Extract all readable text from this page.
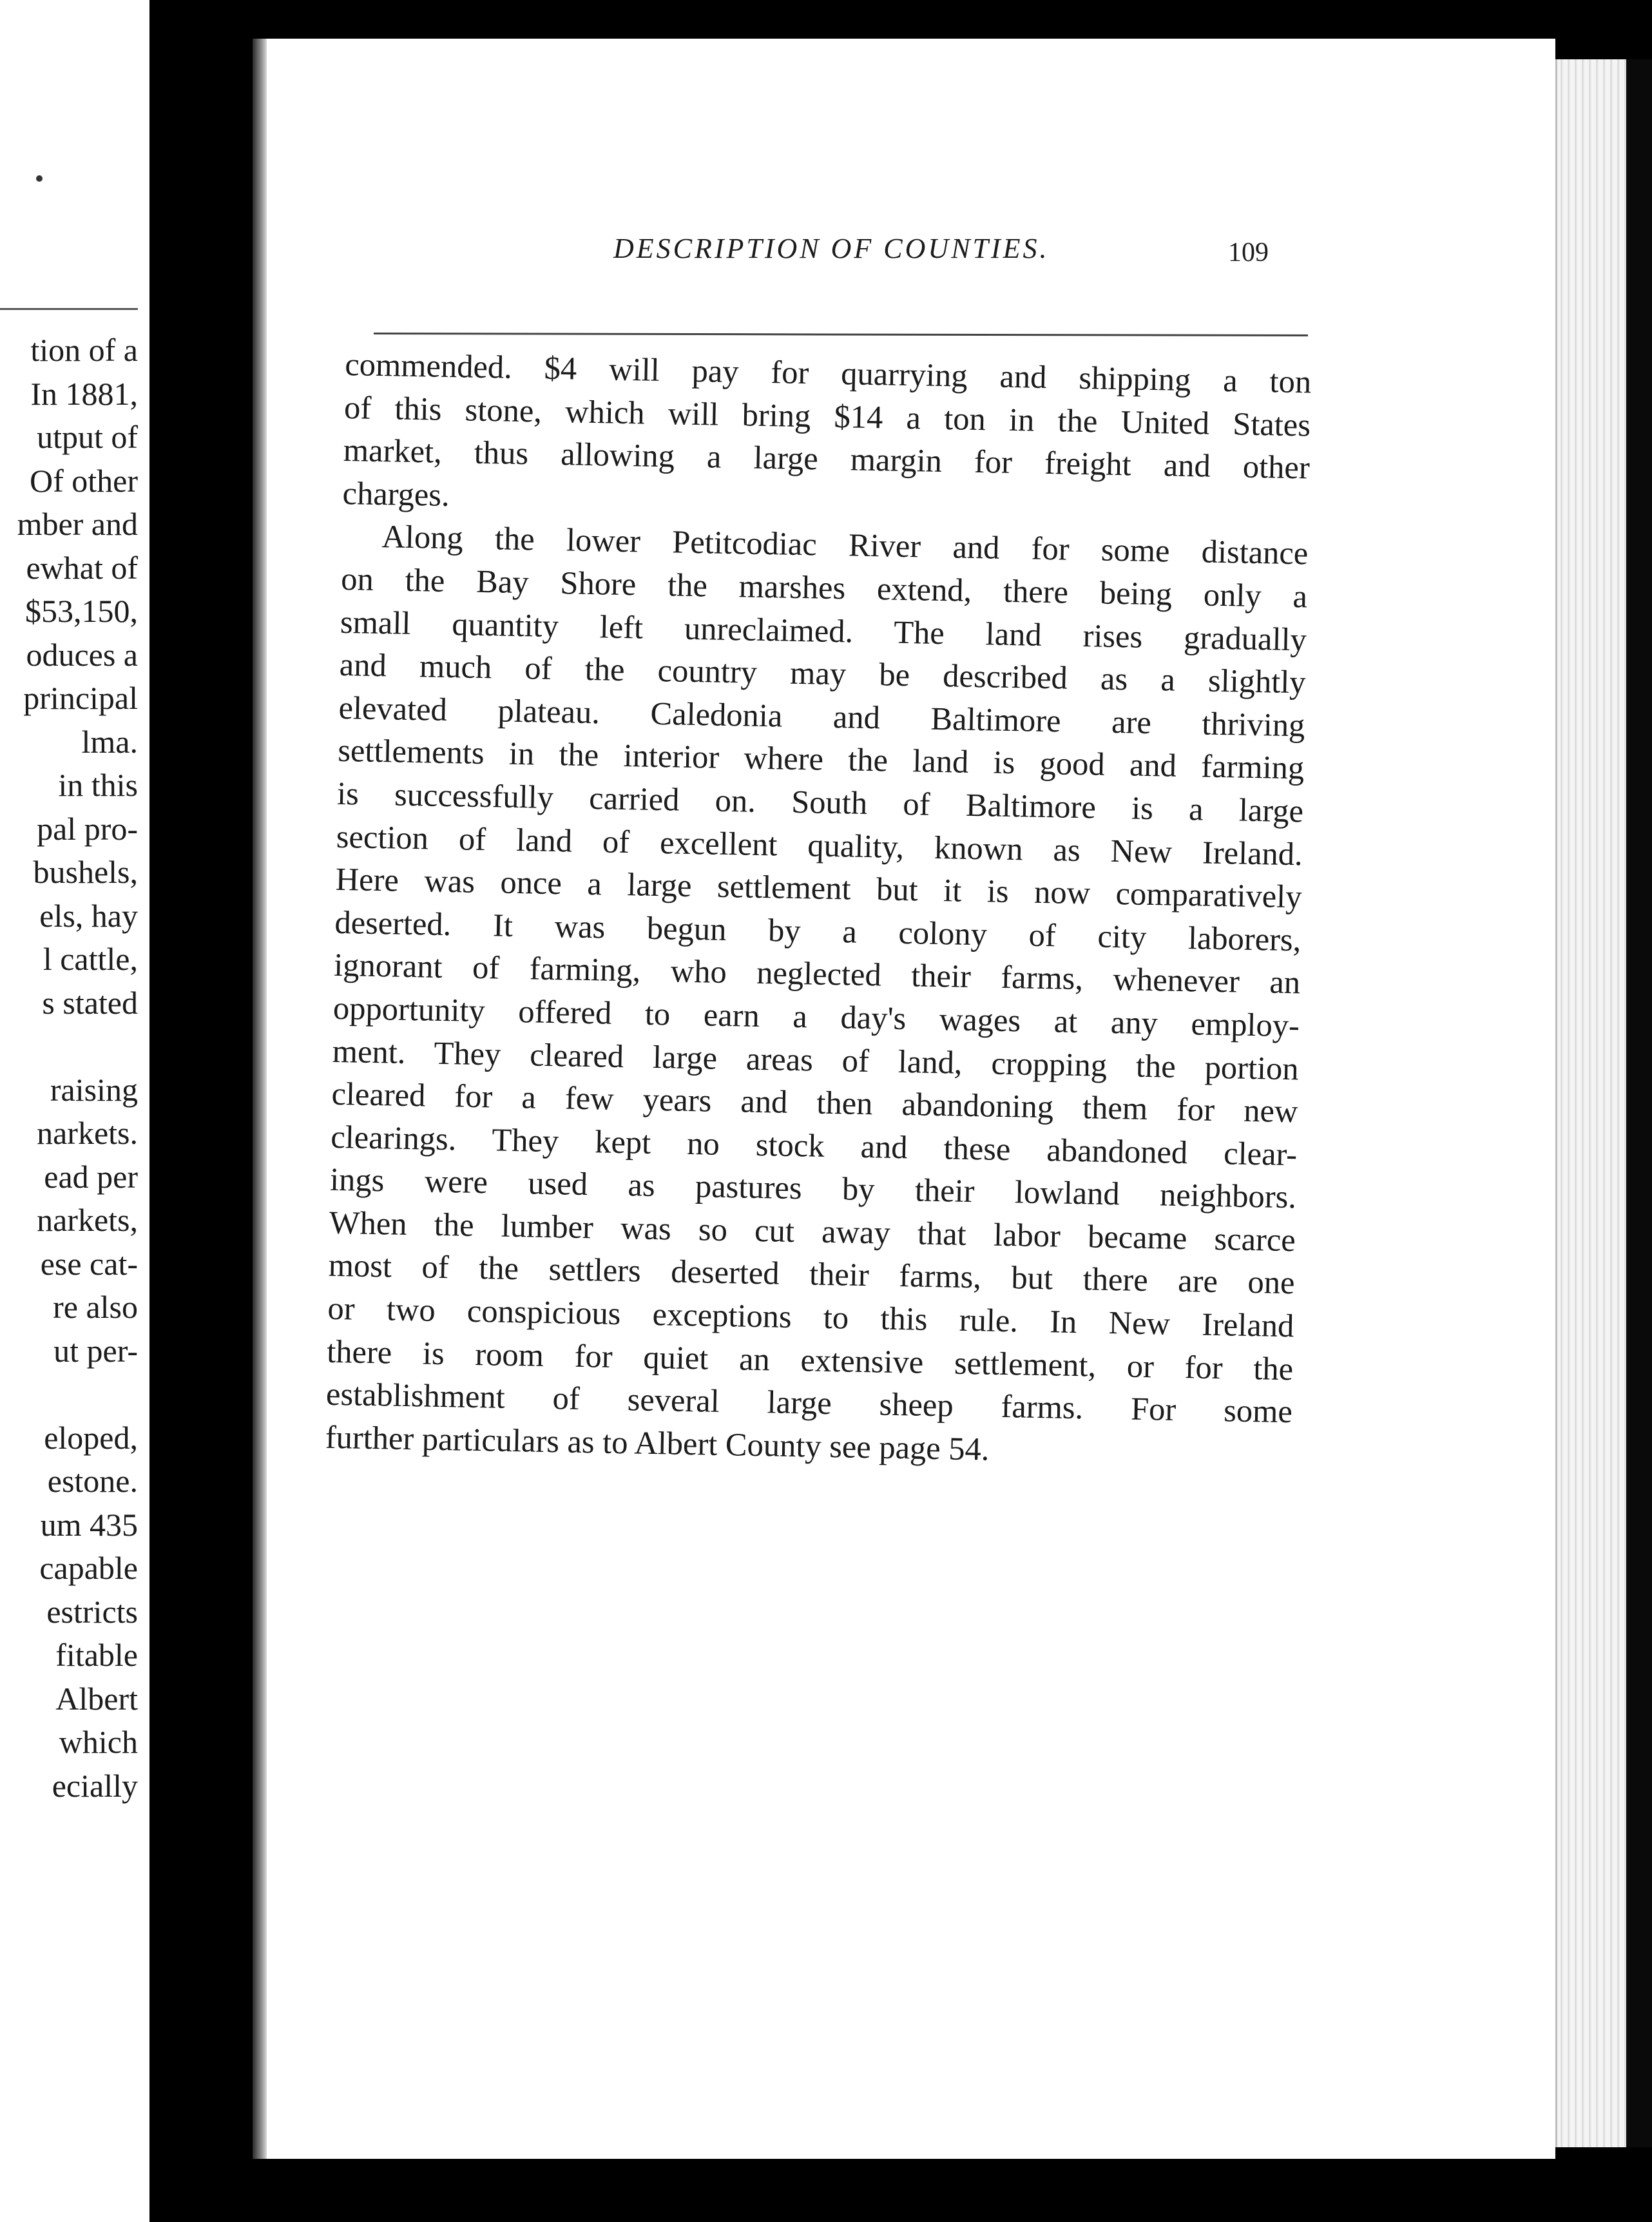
tion of a
In 1881,
utput of
Of other
mber and
ewhat of
$53,150,
oduces a
principal
lma.
in this
pal pro-
bushels,
els, hay
l cattle,
s stated
raising
narkets.
ead per
narkets,
ese cat-
re also
ut per-
eloped,
estone.
um 435
capable
estricts
fitable
Albert
which
ecially
DESCRIPTION OF COUNTIES.	109
commended. $4 will pay for quarrying and shipping a ton
of this stone, which will bring $14 a ton in the United States
market, thus allowing a large margin for freight and other
charges.
Along the lower Petitcodiac River and for some distance
on the Bay Shore the marshes extend, there being only a
small quantity left unreclaimed. The land rises gradually
and much of the country may be described as a slightly
elevated plateau. Caledonia and Baltimore are thriving
settlements in the interior where the land is good and farming
is successfully carried on. South of Baltimore is a large
section of land of excellent quality, known as New Ireland.
Here was once a large settlement but it is now comparatively
deserted. It was begun by a colony of city laborers,
ignorant of farming, who neglected their farms, whenever an
opportunity offered to earn a day's wages at any employ-
ment. They cleared large areas of land, cropping the portion
cleared for a few years and then abandoning them for new
clearings. They kept no stock and these abandoned clear-
ings were used as pastures by their lowland neighbors.
When the lumber was so cut away that labor became scarce
most of the settlers deserted their farms, but there are one
or two conspicious exceptions to this rule. In New Ireland
there is room for quiet an extensive settlement, or for the
establishment of several large sheep farms. For some
further particulars as to Albert County see page 54.
